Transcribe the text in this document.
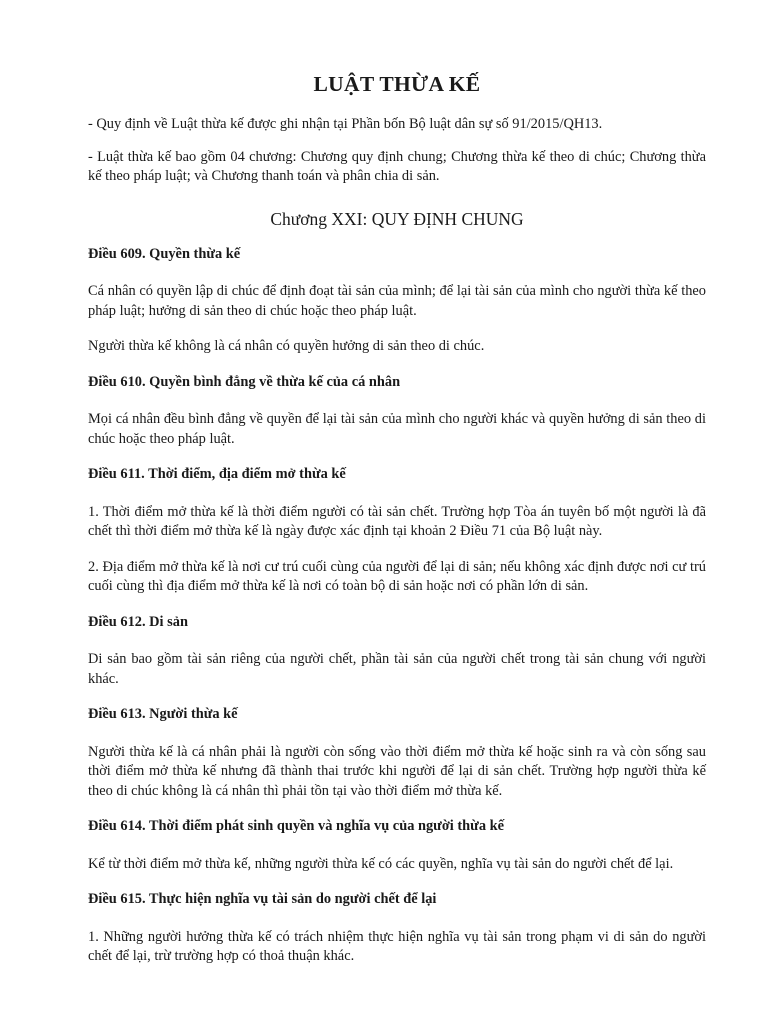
LUẬT THỪA KẾ

- Quy định về Luật thừa kế được ghi nhận tại Phần bốn Bộ luật dân sự số 91/2015/QH13.

- Luật thừa kế bao gồm 04 chương: Chương quy định chung; Chương thừa kế theo di chúc; Chương thừa kế theo pháp luật; và Chương thanh toán và phân chia di sản.

Chương XXI: QUY ĐỊNH CHUNG

Điều 609. Quyền thừa kế

Cá nhân có quyền lập di chúc để định đoạt tài sản của mình; để lại tài sản của mình cho người thừa kế theo pháp luật; hưởng di sản theo di chúc hoặc theo pháp luật.

Người thừa kế không là cá nhân có quyền hưởng di sản theo di chúc.

Điều 610. Quyền bình đẳng về thừa kế của cá nhân

Mọi cá nhân đều bình đẳng về quyền để lại tài sản của mình cho người khác và quyền hưởng di sản theo di chúc hoặc theo pháp luật.

Điều 611. Thời điểm, địa điểm mở thừa kế

1. Thời điểm mở thừa kế là thời điểm người có tài sản chết. Trường hợp Tòa án tuyên bố một người là đã chết thì thời điểm mở thừa kế là ngày được xác định tại khoản 2 Điều 71 của Bộ luật này.

2. Địa điểm mở thừa kế là nơi cư trú cuối cùng của người để lại di sản; nếu không xác định được nơi cư trú cuối cùng thì địa điểm mở thừa kế là nơi có toàn bộ di sản hoặc nơi có phần lớn di sản.

Điều 612. Di sản

Di sản bao gồm tài sản riêng của người chết, phần tài sản của người chết trong tài sản chung với người khác.

Điều 613. Người thừa kế

Người thừa kế là cá nhân phải là người còn sống vào thời điểm mở thừa kế hoặc sinh ra và còn sống sau thời điểm mở thừa kế nhưng đã thành thai trước khi người để lại di sản chết. Trường hợp người thừa kế theo di chúc không là cá nhân thì phải tồn tại vào thời điểm mở thừa kế.

Điều 614. Thời điểm phát sinh quyền và nghĩa vụ của người thừa kế

Kể từ thời điểm mở thừa kế, những người thừa kế có các quyền, nghĩa vụ tài sản do người chết để lại.

Điều 615. Thực hiện nghĩa vụ tài sản do người chết để lại

1. Những người hưởng thừa kế có trách nhiệm thực hiện nghĩa vụ tài sản trong phạm vi di sản do người chết để lại, trừ trường hợp có thoả thuận khác.
